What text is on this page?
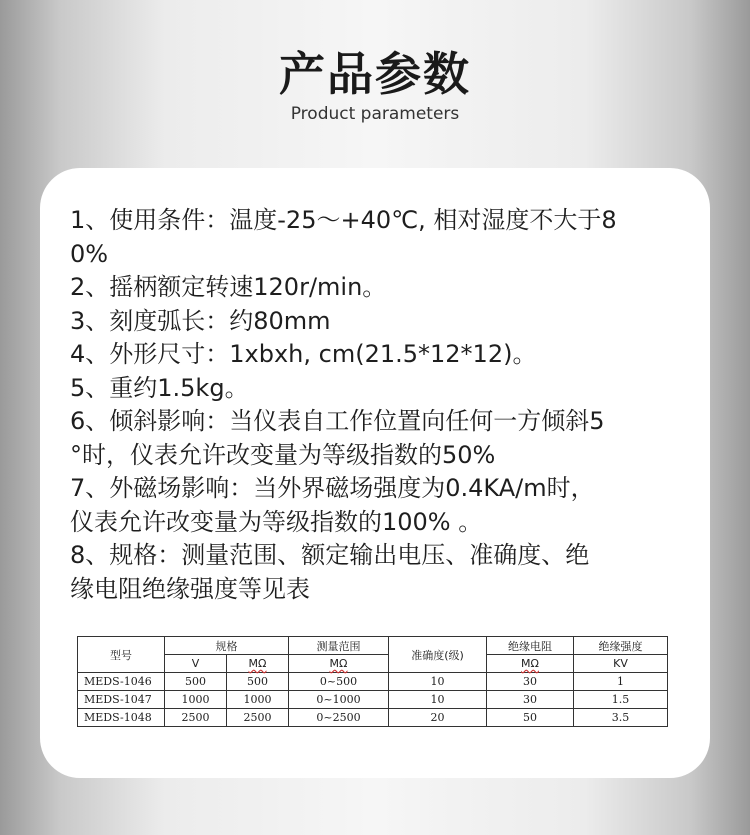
产品参数
Product parameters
1、使用条件：温度-25～+40℃, 相对湿度不大于8
0%
2、摇柄额定转速120r/min。
3、刻度弧长：约80mm
4、外形尺寸：1xbxh, cm(21.5*12*12)。
5、重约1.5kg。
6、倾斜影响：当仪表自工作位置向任何一方倾斜5
°时，仪表允许改变量为等级指数的50%
7、外磁场影响：当外界磁场强度为0.4KA/m时，
仪表允许改变量为等级指数的100% 。
8、规格：测量范围、额定输出电压、准确度、绝
缘电阻绝缘强度等见表
型号	规格		测量范围	准确度(级)	绝缘电阻	绝缘强度
	V	MΩ	MΩ		MΩ	KV
MEDS-1046	500	500	0~500	10	30	1
MEDS-1047	1000	1000	0~1000	10	30	1.5
MEDS-1048	2500	2500	0~2500	20	50	3.5
